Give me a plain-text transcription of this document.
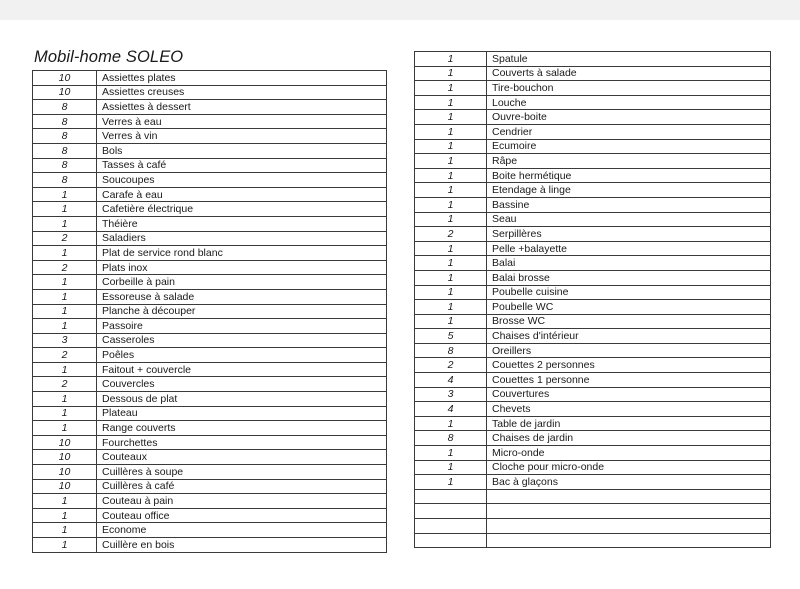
Mobil-home SOLEO
10	Assiettes plates
10	Assiettes creuses
8	Assiettes à dessert
8	Verres à eau
8	Verres à vin
8	Bols
8	Tasses à café
8	Soucoupes
1	Carafe à eau
1	Cafetière électrique
1	Théière
2	Saladiers
1	Plat de service rond blanc
2	Plats inox
1	Corbeille à pain
1	Essoreuse à salade
1	Planche à découper
1	Passoire
3	Casseroles
2	Poêles
1	Faitout + couvercle
2	Couvercles
1	Dessous de plat
1	Plateau
1	Range couverts
10	Fourchettes
10	Couteaux
10	Cuillères à soupe
10	Cuillères à café
1	Couteau à pain
1	Couteau office
1	Econome
1	Cuillère en bois
1	Spatule
1	Couverts à salade
1	Tire-bouchon
1	Louche
1	Ouvre-boite
1	Cendrier
1	Ecumoire
1	Râpe
1	Boite hermétique
1	Etendage à linge
1	Bassine
1	Seau
2	Serpillères
1	Pelle +balayette
1	Balai
1	Balai brosse
1	Poubelle cuisine
1	Poubelle WC
1	Brosse WC
5	Chaises d'intérieur
8	Oreillers
2	Couettes 2 personnes
4	Couettes 1 personne
3	Couvertures
4	Chevets
1	Table de jardin
8	Chaises de jardin
1	Micro-onde
1	Cloche pour micro-onde
1	Bac à glaçons
